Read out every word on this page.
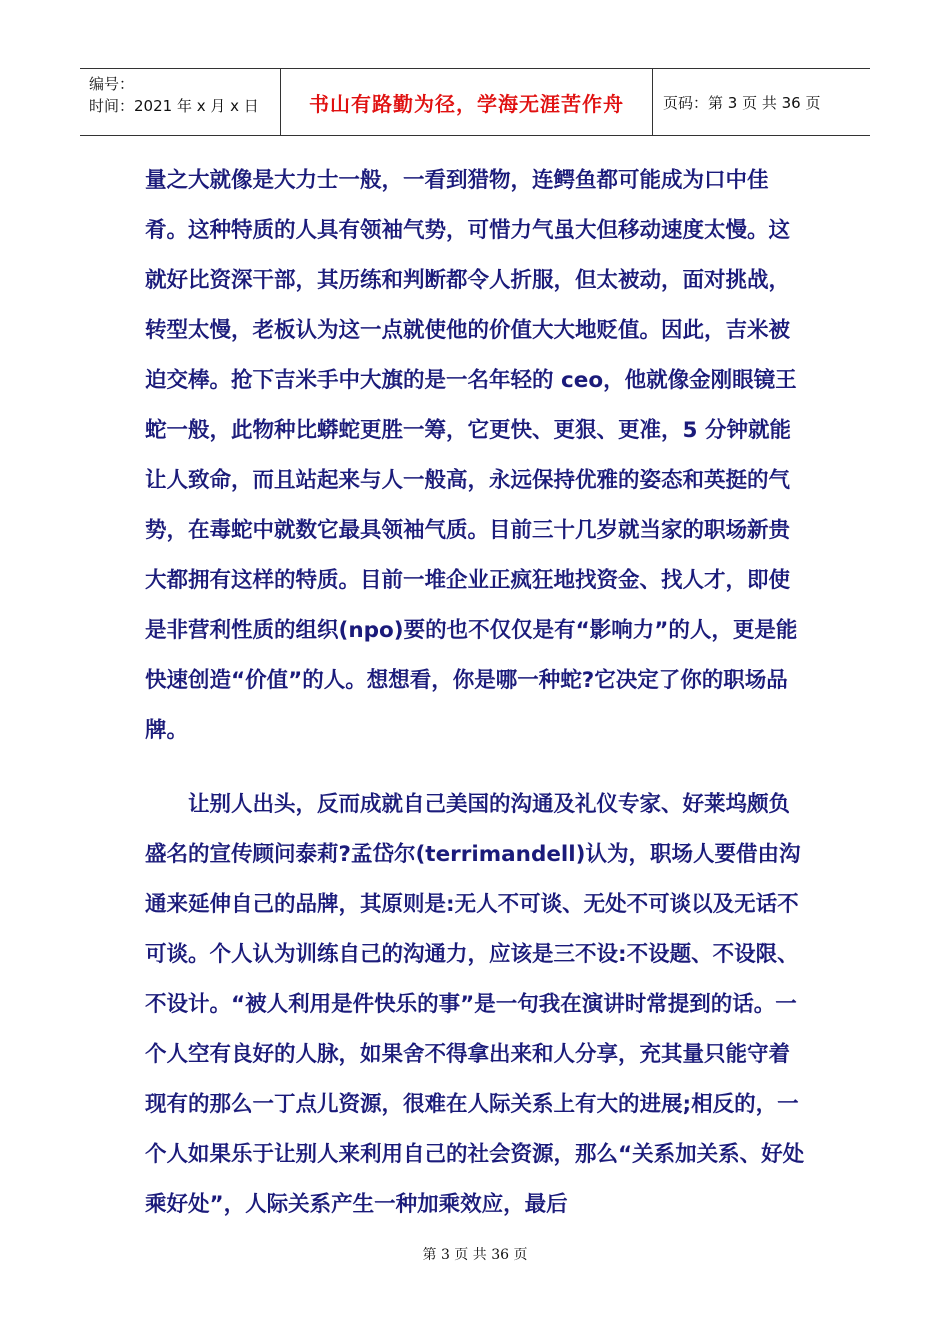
编号：
时间：2021 年 x 月 x 日	书山有路勤为径，学海无涯苦作舟	页码：第 3 页 共 36 页

量之大就像是大力士一般，一看到猎物，连鳄鱼都可能成为口中佳肴。这种特质的人具有领袖气势，可惜力气虽大但移动速度太慢。这就好比资深干部，其历练和判断都令人折服，但太被动，面对挑战，转型太慢，老板认为这一点就使他的价值大大地贬值。因此，吉米被迫交棒。抢下吉米手中大旗的是一名年轻的 ceo，他就像金刚眼镜王蛇一般，此物种比蟒蛇更胜一筹，它更快、更狠、更准，5 分钟就能让人致命，而且站起来与人一般高，永远保持优雅的姿态和英挺的气势，在毒蛇中就数它最具领袖气质。目前三十几岁就当家的职场新贵大都拥有这样的特质。目前一堆企业正疯狂地找资金、找人才，即使是非营利性质的组织(npo)要的也不仅仅是有“影响力”的人，更是能快速创造“价值”的人。想想看，你是哪一种蛇?它决定了你的职场品牌。

让别人出头，反而成就自己美国的沟通及礼仪专家、好莱坞颇负盛名的宣传顾问泰莉?孟岱尔(terrimandell)认为，职场人要借由沟通来延伸自己的品牌，其原则是:无人不可谈、无处不可谈以及无话不可谈。个人认为训练自己的沟通力，应该是三不设:不设题、不设限、不设计。“被人利用是件快乐的事”是一句我在演讲时常提到的话。一个人空有良好的人脉，如果舍不得拿出来和人分享，充其量只能守着现有的那么一丁点儿资源，很难在人际关系上有大的进展;相反的，一个人如果乐于让别人来利用自己的社会资源，那么“关系加关系、好处乘好处”，人际关系产生一种加乘效应，最后

第 3 页 共 36 页
